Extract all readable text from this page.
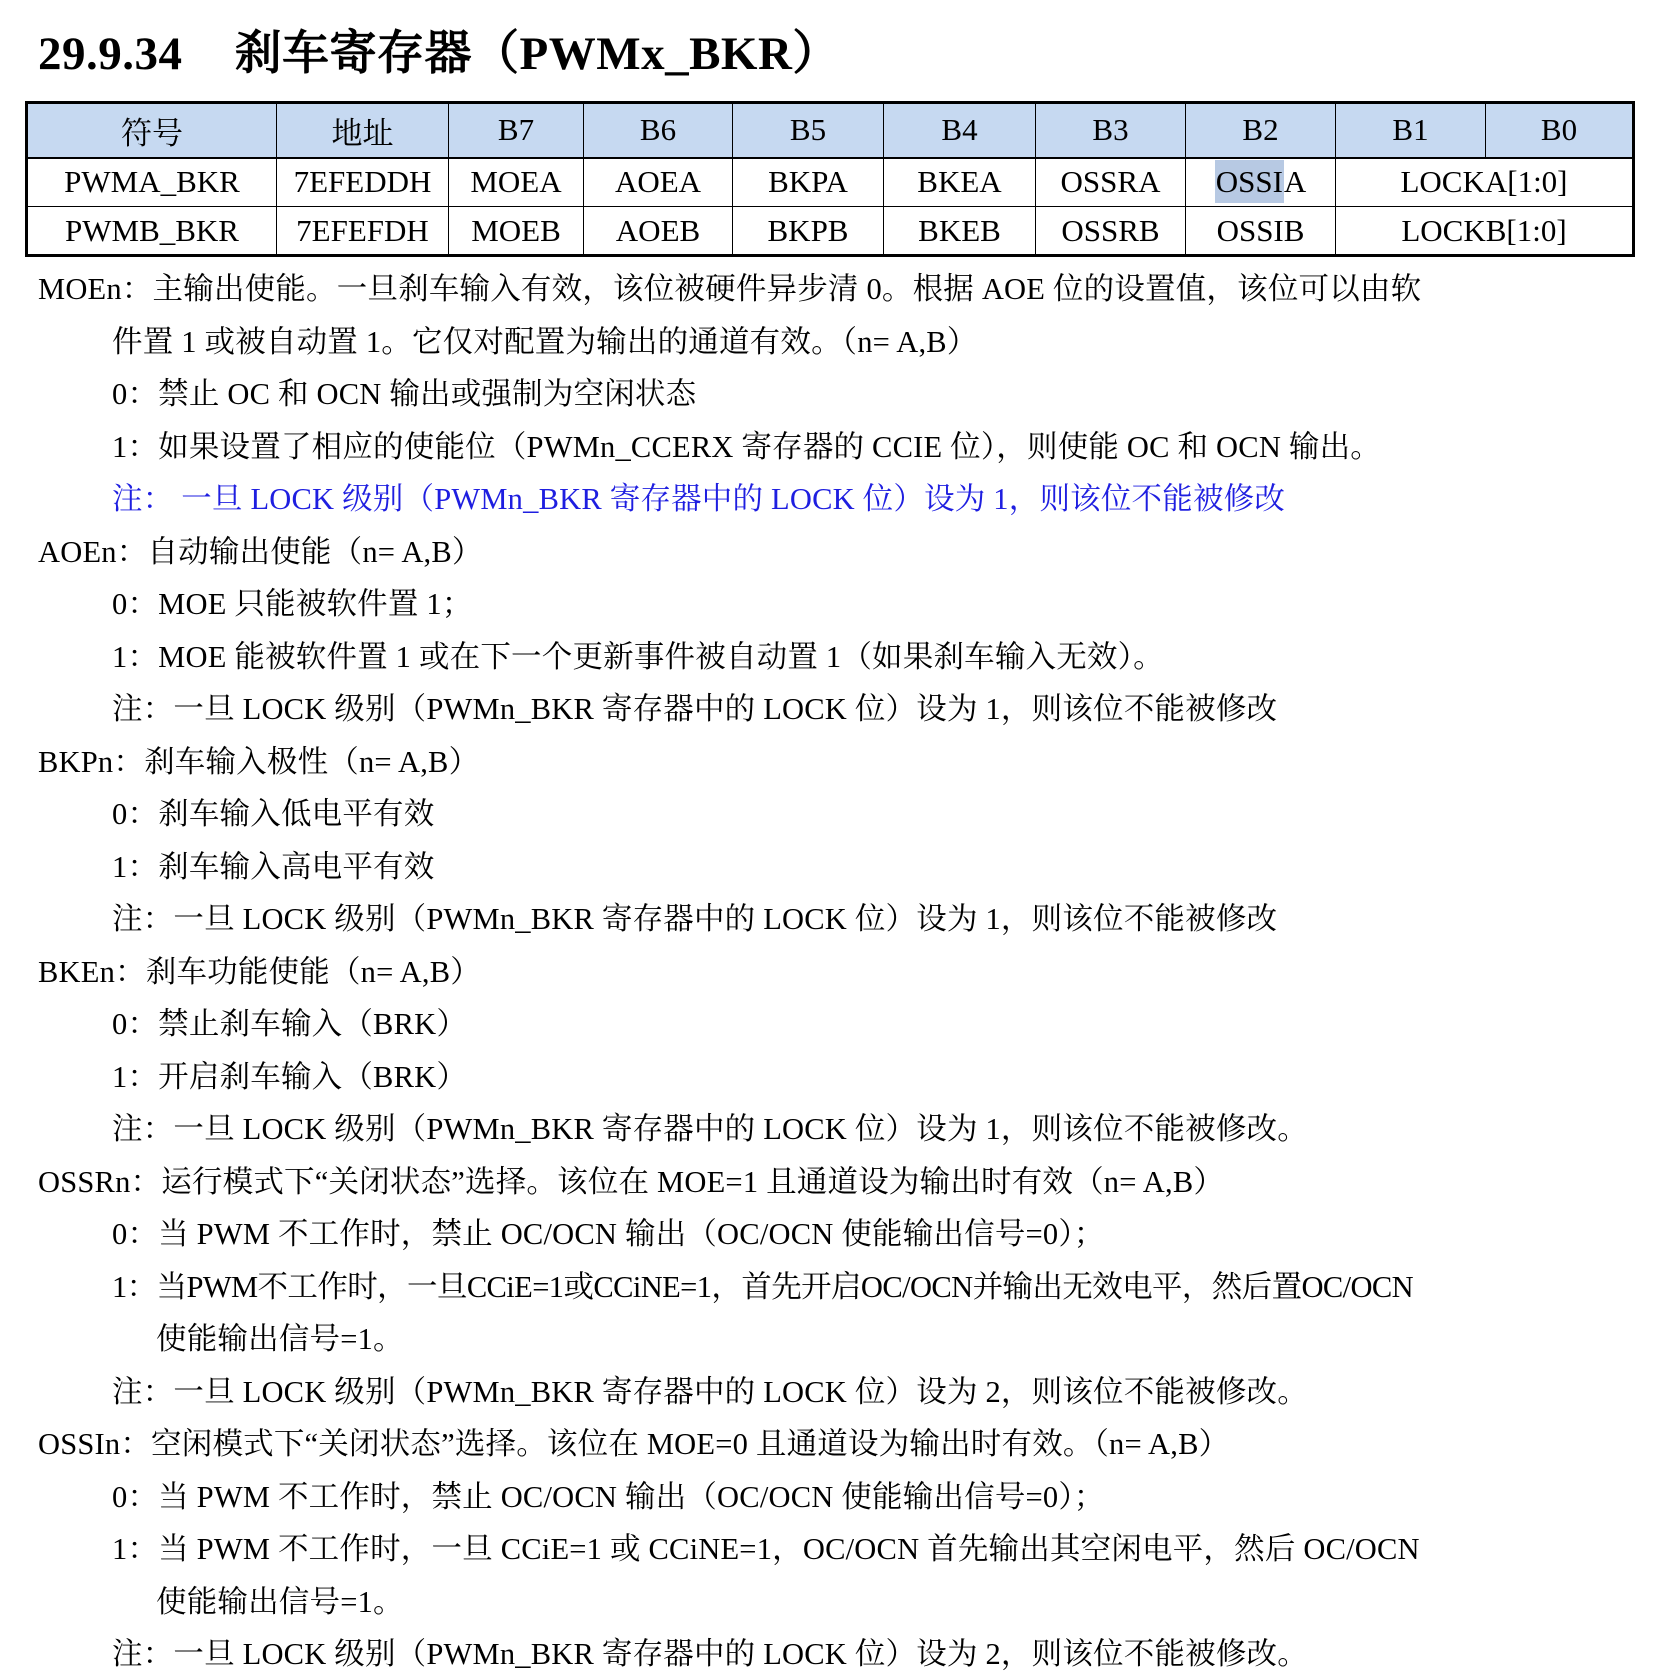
29.9.34 刹车寄存器（PWMx_BKR）
符号	地址	B7	B6	B5	B4	B3	B2	B1	B0
PWMA_BKR	7EFEDDH	MOEA	AOEA	BKPA	BKEA	OSSRA	OSSIA	LOCKA[1:0]	
PWMB_BKR	7EFEFDH	MOEB	AOEB	BKPB	BKEB	OSSRB	OSSIB	LOCKB[1:0]	
MOEn：主输出使能。一旦刹车输入有效，该位被硬件异步清 0。根据 AOE 位的设置值，该位可以由软
件置 1 或被自动置 1。它仅对配置为输出的通道有效。（n= A,B）
0：禁止 OC 和 OCN 输出或强制为空闲状态
1：如果设置了相应的使能位（PWMn_CCERX 寄存器的 CCIE 位），则使能 OC 和 OCN 输出。
注： 一旦 LOCK 级别（PWMn_BKR 寄存器中的 LOCK 位）设为 1，则该位不能被修改
AOEn：自动输出使能（n= A,B）
0：MOE 只能被软件置 1；
1：MOE 能被软件置 1 或在下一个更新事件被自动置 1（如果刹车输入无效）。
注：一旦 LOCK 级别（PWMn_BKR 寄存器中的 LOCK 位）设为 1，则该位不能被修改
BKPn：刹车输入极性（n= A,B）
0：刹车输入低电平有效
1：刹车输入高电平有效
注：一旦 LOCK 级别（PWMn_BKR 寄存器中的 LOCK 位）设为 1，则该位不能被修改
BKEn：刹车功能使能（n= A,B）
0：禁止刹车输入（BRK）
1：开启刹车输入（BRK）
注：一旦 LOCK 级别（PWMn_BKR 寄存器中的 LOCK 位）设为 1，则该位不能被修改。
OSSRn：运行模式下“关闭状态”选择。该位在 MOE=1 且通道设为输出时有效（n= A,B）
0：当 PWM 不工作时，禁止 OC/OCN 输出（OC/OCN 使能输出信号=0）；
1：当PWM不工作时，一旦CCiE=1或CCiNE=1，首先开启OC/OCN并输出无效电平，然后置OC/OCN
使能输出信号=1。
注：一旦 LOCK 级别（PWMn_BKR 寄存器中的 LOCK 位）设为 2，则该位不能被修改。
OSSIn：空闲模式下“关闭状态”选择。该位在 MOE=0 且通道设为输出时有效。（n= A,B）
0：当 PWM 不工作时，禁止 OC/OCN 输出（OC/OCN 使能输出信号=0）；
1：当 PWM 不工作时，一旦 CCiE=1 或 CCiNE=1，OC/OCN 首先输出其空闲电平，然后 OC/OCN
使能输出信号=1。
注：一旦 LOCK 级别（PWMn_BKR 寄存器中的 LOCK 位）设为 2，则该位不能被修改。
